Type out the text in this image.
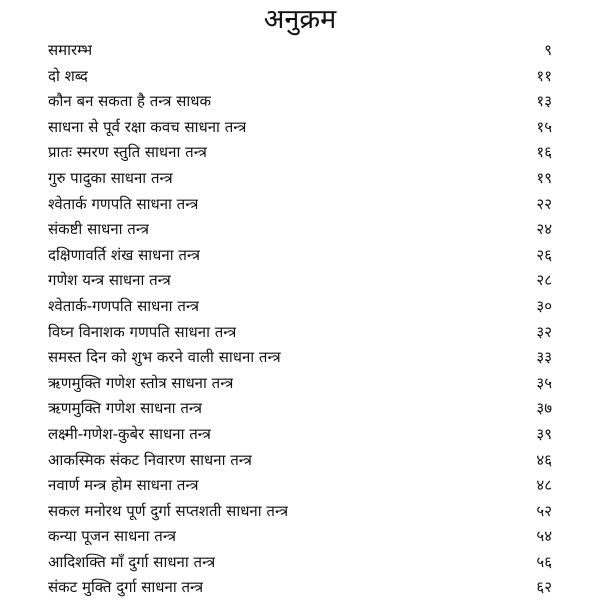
अनुक्रम
समारम्भ	९
दो शब्द	११
कौन बन सकता है तन्त्र साधक	१३
साधना से पूर्व रक्षा कवच साधना तन्त्र	१५
प्रातः स्मरण स्तुति साधना तन्त्र	१६
गुरु पादुका साधना तन्त्र	१९
श्वेतार्क गणपति साधना तन्त्र	२२
संकष्टी साधना तन्त्र	२४
दक्षिणावर्ति शंख साधना तन्त्र	२६
गणेश यन्त्र साधना तन्त्र	२८
श्वेतार्क-गणपति साधना तन्त्र	३०
विघ्न विनाशक गणपति साधना तन्त्र	३२
समस्त दिन को शुभ करने वाली साधना तन्त्र	३३
ऋणमुक्ति गणेश स्तोत्र साधना तन्त्र	३५
ऋणमुक्ति गणेश साधना तन्त्र	३७
लक्ष्मी-गणेश-कुबेर साधना तन्त्र	३९
आकस्मिक संकट निवारण साधना तन्त्र	४६
नवार्ण मन्त्र होम साधना तन्त्र	४८
सकल मनोरथ पूर्ण दुर्गा सप्तशती साधना तन्त्र	५२
कन्या पूजन साधना तन्त्र	५४
आदिशक्ति माँ दुर्गा साधना तन्त्र	५६
संकट मुक्ति दुर्गा साधना तन्त्र	६२
